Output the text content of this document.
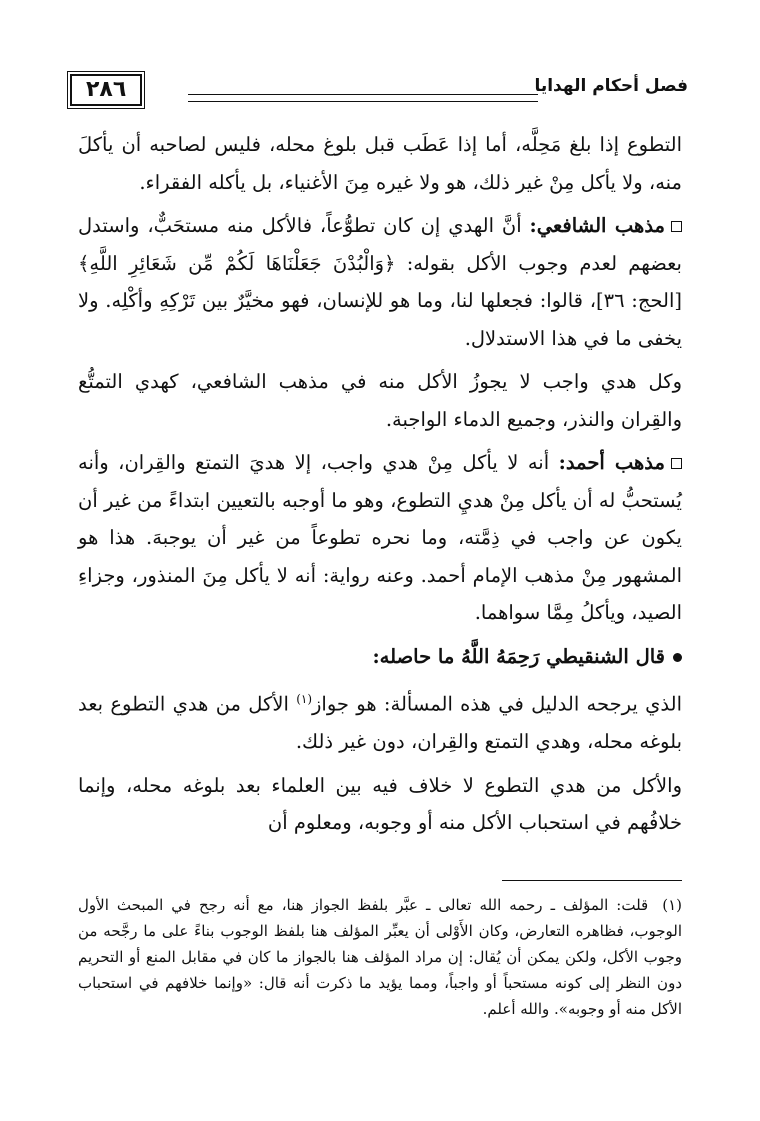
فصل أحكام الهدايا
٢٨٦

التطوع إذا بلغ مَحِلَّه، أما إذا عَطَب قبل بلوغ محله، فليس لصاحبه أن يأكلَ منه، ولا يأكل مِنْ غير ذلك، هو ولا غيره مِنَ الأغنياء، بل يأكله الفقراء.

مذهب الشافعي: أنَّ الهدي إن كان تطوُّعاً، فالأكل منه مستحَبٌّ، واستدل بعضهم لعدم وجوب الأكل بقوله: ﴿وَالْبُدْنَ جَعَلْنَاهَا لَكُمْ مِّن شَعَائِرِ اللَّهِ﴾ [الحج: ٣٦]، قالوا: فجعلها لنا، وما هو للإنسان، فهو مخيَّرٌ بين تَرْكِهِ وأكْلِه. ولا يخفى ما في هذا الاستدلال.

وكل هدي واجب لا يجوزُ الأكل منه في مذهب الشافعي، كهدي التمتُّع والقِران والنذر، وجميع الدماء الواجبة.

مذهب أحمد: أنه لا يأكل مِنْ هدي واجب، إلا هديَ التمتع والقِران، وأنه يُستحبُّ له أن يأكل مِنْ هديِ التطوع، وهو ما أوجبه بالتعيين ابتداءً من غير أن يكون عن واجب في ذِمَّته، وما نحره تطوعاً من غير أن يوجبهَ. هذا هو المشهور مِنْ مذهب الإمام أحمد. وعنه رواية: أنه لا يأكل مِنَ المنذور، وجزاءِ الصيد، ويأكلُ مِمَّا سواهما.

قال الشنقيطي رَحِمَهُ اللَّهُ ما حاصله:

الذي يرجحه الدليل في هذه المسألة: هو جواز$^{(١)}$ الأكل من هدي التطوع بعد بلوغه محله، وهدي التمتع والقِران، دون غير ذلك.

والأكل من هدي التطوع لا خلاف فيه بين العلماء بعد بلوغه محله، وإنما خلافُهم في استحباب الأكل منه أو وجوبه، ومعلوم أن

(١)قلت: المؤلف ـ رحمه الله تعالى ـ عبَّر بلفظ الجواز هنا، مع أنه رجح في المبحث الأول الوجوب، فظاهره التعارض، وكان الأَوْلى أن يعبِّر المؤلف هنا بلفظ الوجوب بناءً على ما رجَّحه من وجوب الأكل، ولكن يمكن أن يُقال: إن مراد المؤلف هنا بالجواز ما كان في مقابل المنع أو التحريم دون النظر إلى كونه مستحباً أو واجباً، ومما يؤيد ما ذكرت أنه قال: «وإنما خلافهم في استحباب الأكل منه أو وجوبه». والله أعلم.
